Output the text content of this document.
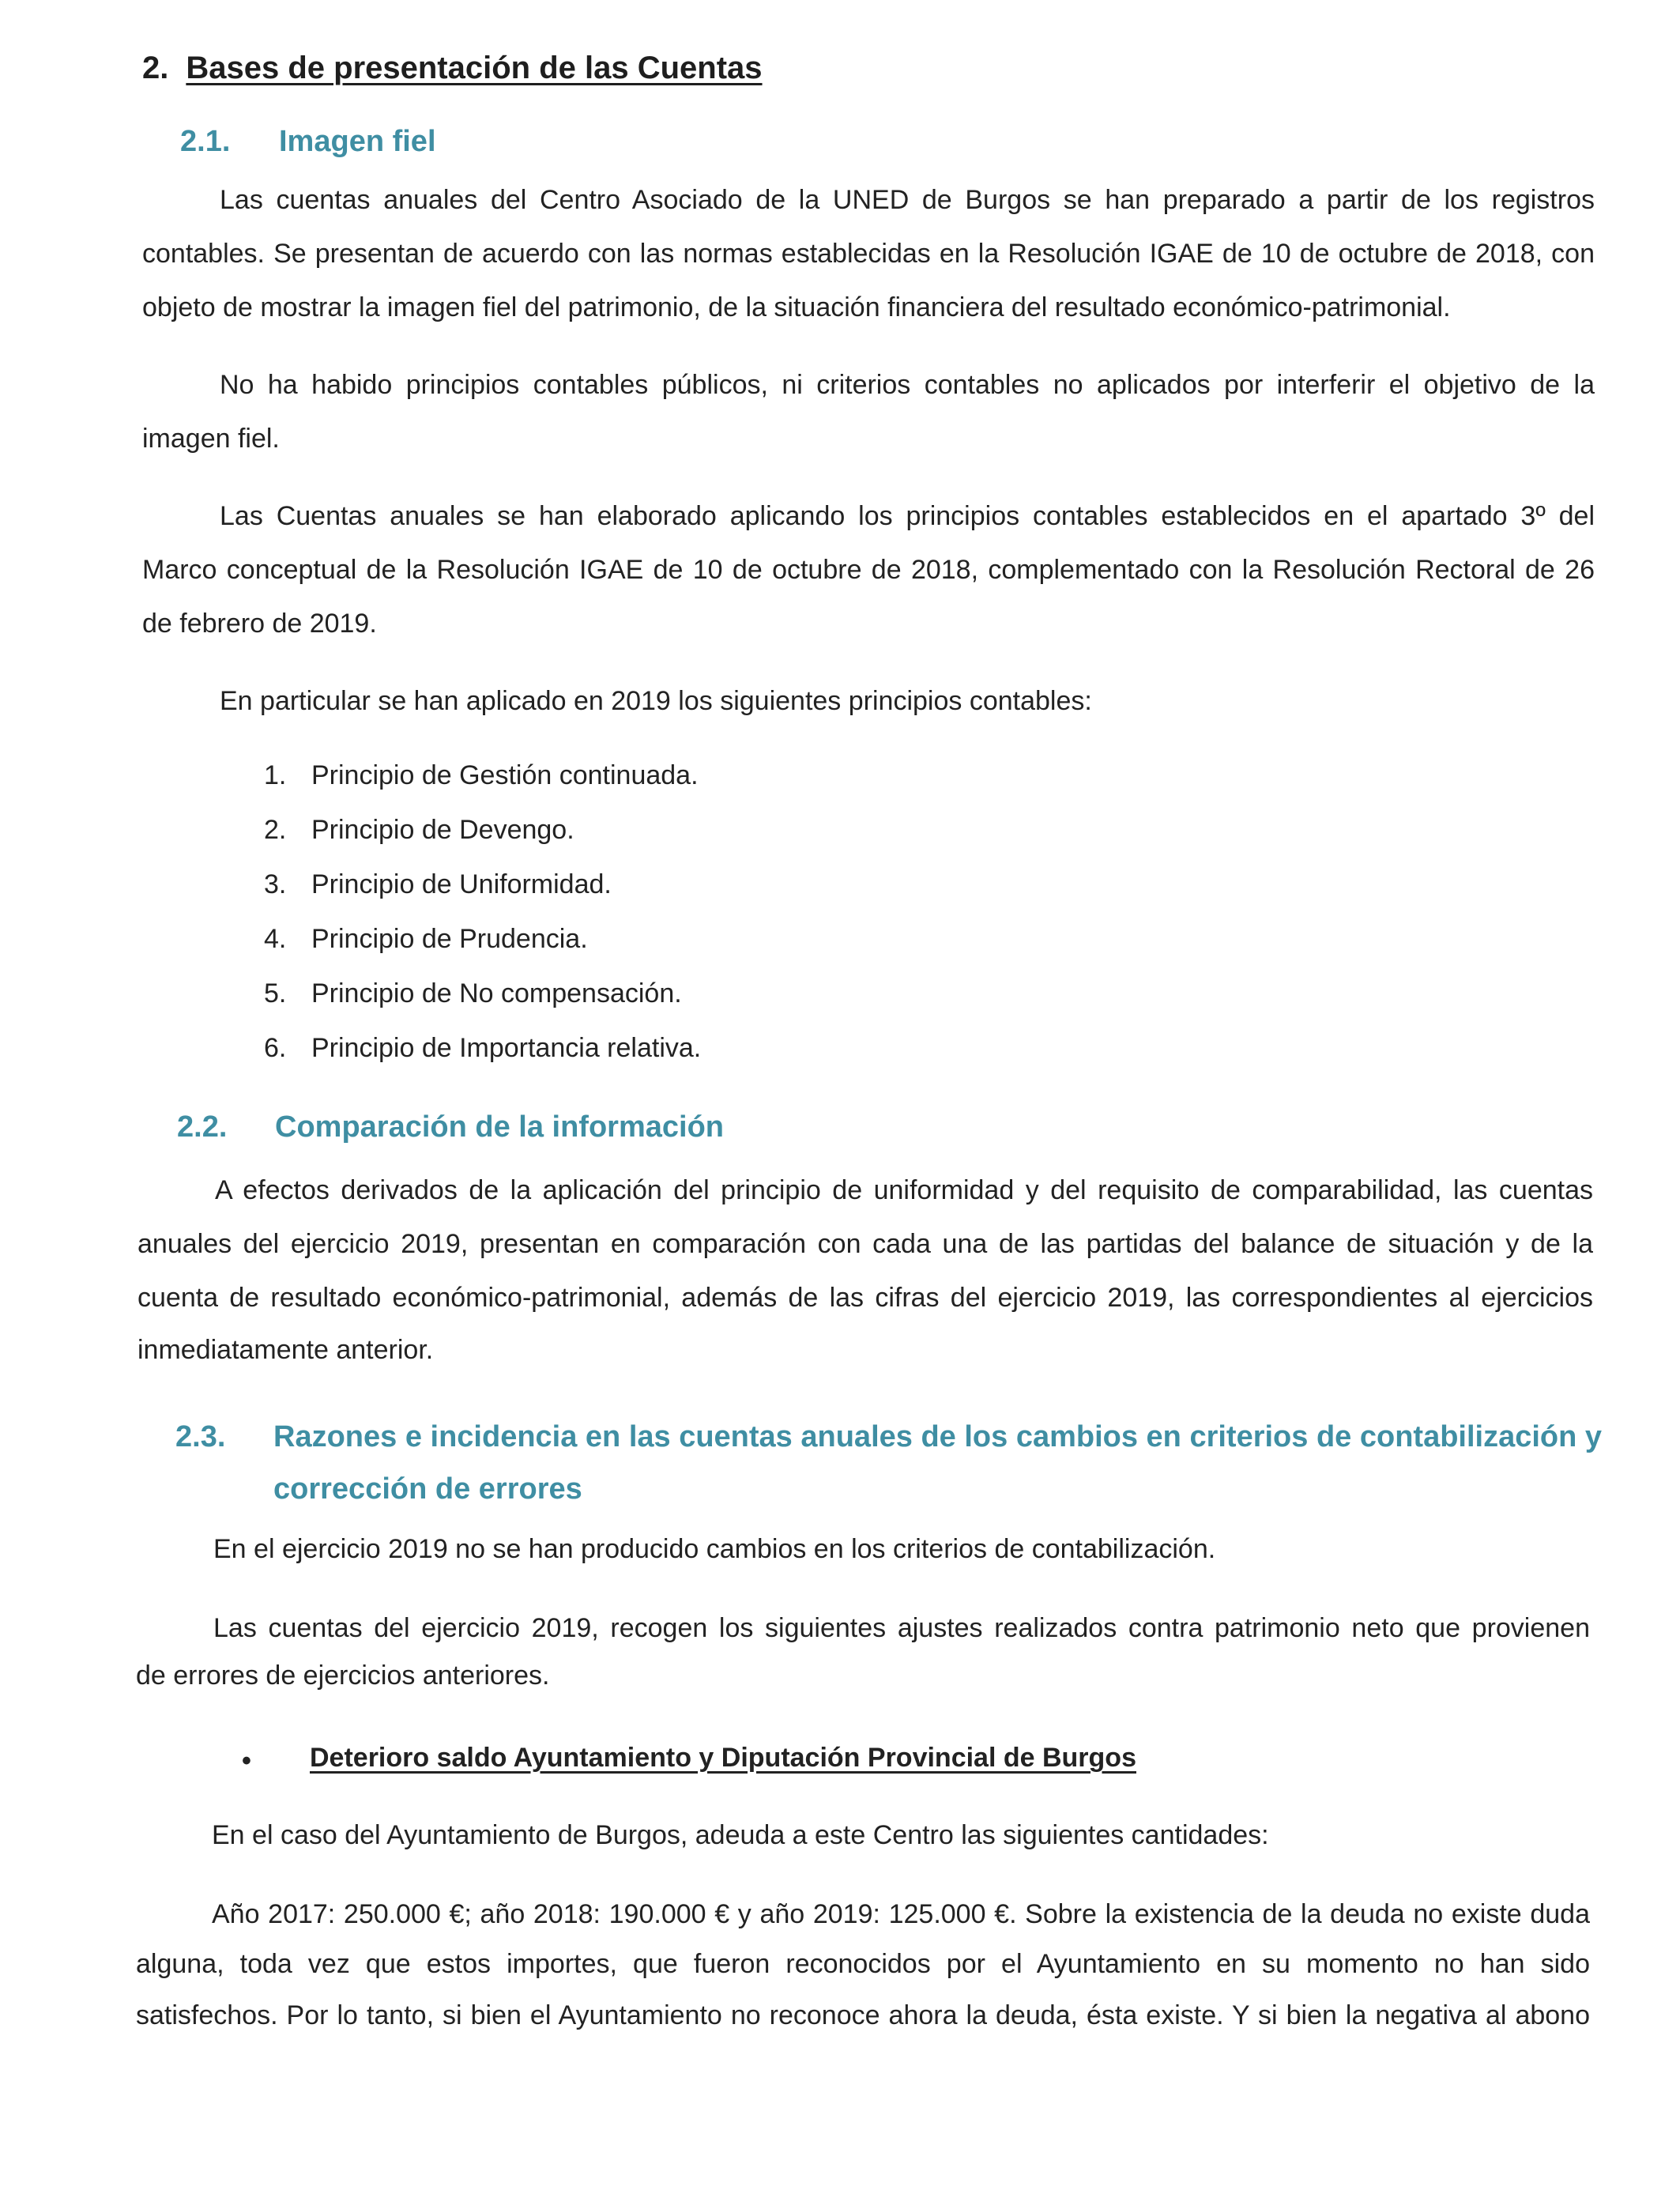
2. Bases de presentación de las Cuentas
2.1. Imagen fiel
Las cuentas anuales del Centro Asociado de la UNED de Burgos se han preparado a partir de los registros
contables. Se presentan de acuerdo con las normas establecidas en la Resolución IGAE de 10 de octubre de 2018, con
objeto de mostrar la imagen fiel del patrimonio, de la situación financiera del resultado económico-patrimonial.
No ha habido principios contables públicos, ni criterios contables no aplicados por interferir el objetivo de la
imagen fiel.
Las Cuentas anuales se han elaborado aplicando los principios contables establecidos en el apartado 3º del
Marco conceptual de la Resolución IGAE de 10 de octubre de 2018, complementado con la Resolución Rectoral de 26
de febrero de 2019.
En particular se han aplicado en 2019 los siguientes principios contables:
1. Principio de Gestión continuada.
2. Principio de Devengo.
3. Principio de Uniformidad.
4. Principio de Prudencia.
5. Principio de No compensación.
6. Principio de Importancia relativa.
2.2. Comparación de la información
A efectos derivados de la aplicación del principio de uniformidad y del requisito de comparabilidad, las cuentas
anuales del ejercicio 2019, presentan en comparación con cada una de las partidas del balance de situación y de la
cuenta de resultado económico-patrimonial, además de las cifras del ejercicio 2019, las correspondientes al ejercicios
inmediatamente anterior.
2.3. Razones e incidencia en las cuentas anuales de los cambios en criterios de contabilización y
corrección de errores
En el ejercicio 2019 no se han producido cambios en los criterios de contabilización.
Las cuentas del ejercicio 2019, recogen los siguientes ajustes realizados contra patrimonio neto que provienen
de errores de ejercicios anteriores.
• Deterioro saldo Ayuntamiento y Diputación Provincial de Burgos
En el caso del Ayuntamiento de Burgos, adeuda a este Centro las siguientes cantidades:
Año 2017: 250.000 €; año 2018: 190.000 € y año 2019: 125.000 €. Sobre la existencia de la deuda no existe duda
alguna, toda vez que estos importes, que fueron reconocidos por el Ayuntamiento en su momento no han sido
satisfechos. Por lo tanto, si bien el Ayuntamiento no reconoce ahora la deuda, ésta existe. Y si bien la negativa al abono
